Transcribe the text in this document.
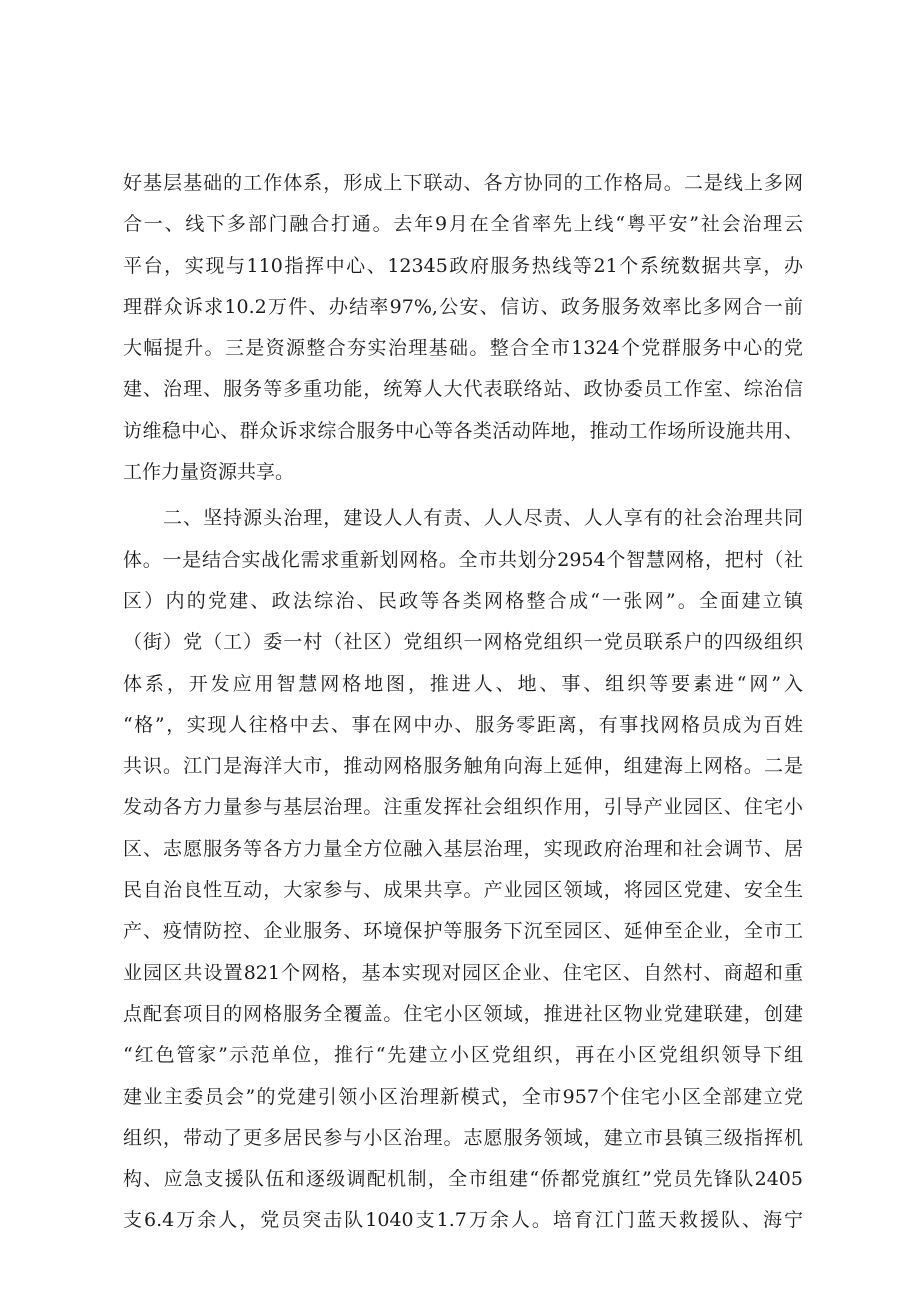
好基层基础的工作体系，形成上下联动、各方协同的工作格局。二是线上多网
合一、线下多部门融合打通。去年9月在全省率先上线“粤平安”社会治理云
平台，实现与110指挥中心、12345政府服务热线等21个系统数据共享，办
理群众诉求10.2万件、办结率97%,公安、信访、政务服务效率比多网合一前
大幅提升。三是资源整合夯实治理基础。整合全市1324个党群服务中心的党
建、治理、服务等多重功能，统筹人大代表联络站、政协委员工作室、综治信
访维稳中心、群众诉求综合服务中心等各类活动阵地，推动工作场所设施共用、
工作力量资源共享。
二、坚持源头治理，建设人人有责、人人尽责、人人享有的社会治理共同
体。一是结合实战化需求重新划网格。全市共划分2954个智慧网格，把村（社
区）内的党建、政法综治、民政等各类网格整合成“一张网”。全面建立镇
（街）党（工）委一村（社区）党组织一网格党组织一党员联系户的四级组织
体系，开发应用智慧网格地图，推进人、地、事、组织等要素进“网”入
“格”，实现人往格中去、事在网中办、服务零距离，有事找网格员成为百姓
共识。江门是海洋大市，推动网格服务触角向海上延伸，组建海上网格。二是
发动各方力量参与基层治理。注重发挥社会组织作用，引导产业园区、住宅小
区、志愿服务等各方力量全方位融入基层治理，实现政府治理和社会调节、居
民自治良性互动，大家参与、成果共享。产业园区领域，将园区党建、安全生
产、疫情防控、企业服务、环境保护等服务下沉至园区、延伸至企业，全市工
业园区共设置821个网格，基本实现对园区企业、住宅区、自然村、商超和重
点配套项目的网格服务全覆盖。住宅小区领域，推进社区物业党建联建，创建
“红色管家”示范单位，推行“先建立小区党组织，再在小区党组织领导下组
建业主委员会”的党建引领小区治理新模式，全市957个住宅小区全部建立党
组织，带动了更多居民参与小区治理。志愿服务领域，建立市县镇三级指挥机
构、应急支援队伍和逐级调配机制，全市组建“侨都党旗红”党员先锋队2405
支6.4万余人，党员突击队1040支1.7万余人。培育江门蓝天救援队、海宁
